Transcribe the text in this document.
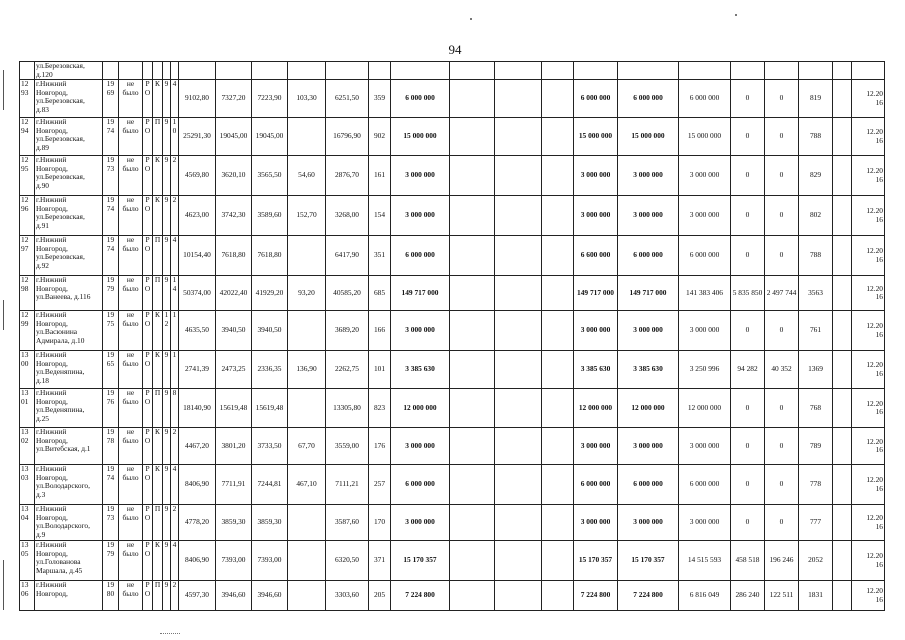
94
	ул.Березовская,
д.120																								
12
93	г.Нижний
Новгород,
ул.Березовская,
д.83	19
69	не
было	Р О	К	9	4	9102,80	7327,20	7223,90	103,30	6251,50	359	6 000 000				6 000 000	6 000 000	6 000 000	0	0	819		12.20
16
12
94	г.Нижний
Новгород,
ул.Березовская,
д.89	19
74	не
было	Р О	П	9	1 0	25291,30	19045,00	19045,00		16796,90	902	15 000 000				15 000 000	15 000 000	15 000 000	0	0	788		12.20
16
12
95	г.Нижний
Новгород,
ул.Березовская,
д.90	19
73	не
было	Р О	К	9	2	4569,80	3620,10	3565,50	54,60	2876,70	161	3 000 000				3 000 000	3 000 000	3 000 000	0	0	829		12.20
16
12
96	г.Нижний
Новгород,
ул.Березовская,
д.91	19
74	не
было	Р О	К	9	2	4623,00	3742,30	3589,60	152,70	3268,00	154	3 000 000				3 000 000	3 000 000	3 000 000	0	0	802		12.20
16
12
97	г.Нижний
Новгород,
ул.Березовская,
д.92	19
74	не
было	Р О	П	9	4	10154,40	7618,80	7618,80		6417,90	351	6 000 000				6 600 000	6 000 000	6 000 000	0	0	788		12.20
16
12
98	г.Нижний
Новгород,
ул.Ванеева, д.116	19
79	не
было	Р О	П	9	1 4	50374,00	42022,40	41929,20	93,20	40585,20	685	149 717 000				149 717 000	149 717 000	141 383 406	5 835 850	2 497 744	3563		12.20
16
12
99	г.Нижний
Новгород,
ул.Васюнина
Адмирала, д.10	19
75	не
было	Р О	К	1 2	1	4635,50	3940,50	3940,50		3689,20	166	3 000 000				3 000 000	3 000 000	3 000 000	0	0	761		12.20
16
13
00	г.Нижний
Новгород,
ул.Веденяпина,
д.18	19
65	не
было	Р О	К	9	1	2741,39	2473,25	2336,35	136,90	2262,75	101	3 385 630				3 385 630	3 385 630	3 250 996	94 282	40 352	1369		12.20
16
13
01	г.Нижний
Новгород,
ул.Веденяпина,
д.25	19
76	не
было	Р О	П	9	8	18140,90	15619,48	15619,48		13305,80	823	12 000 000				12 000 000	12 000 000	12 000 000	0	0	768		12.20
16
13
02	г.Нижний
Новгород,
ул.Витебская, д.1	19
78	не
было	Р О	К	9	2	4467,20	3801,20	3733,50	67,70	3559,00	176	3 000 000				3 000 000	3 000 000	3 000 000	0	0	789		12.20
16
13
03	г.Нижний
Новгород,
ул.Володарского,
д.3	19
74	не
было	Р О	К	9	4	8406,90	7711,91	7244,81	467,10	7111,21	257	6 000 000				6 000 000	6 000 000	6 000 000	0	0	778		12.20
16
13
04	г.Нижний
Новгород,
ул.Володарского,
д.9	19
73	не
было	Р О	П	9	2	4778,20	3859,30	3859,30		3587,60	170	3 000 000				3 000 000	3 000 000	3 000 000	0	0	777		12.20
16
13
05	г.Нижний
Новгород,
ул.Голованова
Маршала, д.45	19
79	не
было	Р О	К	9	4	8406,90	7393,00	7393,00		6320,50	371	15 170 357				15 170 357	15 170 357	14 515 593	458 518	196 246	2052		12.20
16
13
06	г.Нижний
Новгород,	19
80	не
было	Р О	П	9	2	4597,30	3946,60	3946,60		3303,60	205	7 224 800				7 224 800	7 224 800	6 816 049	286 240	122 511	1831		12.20
16
